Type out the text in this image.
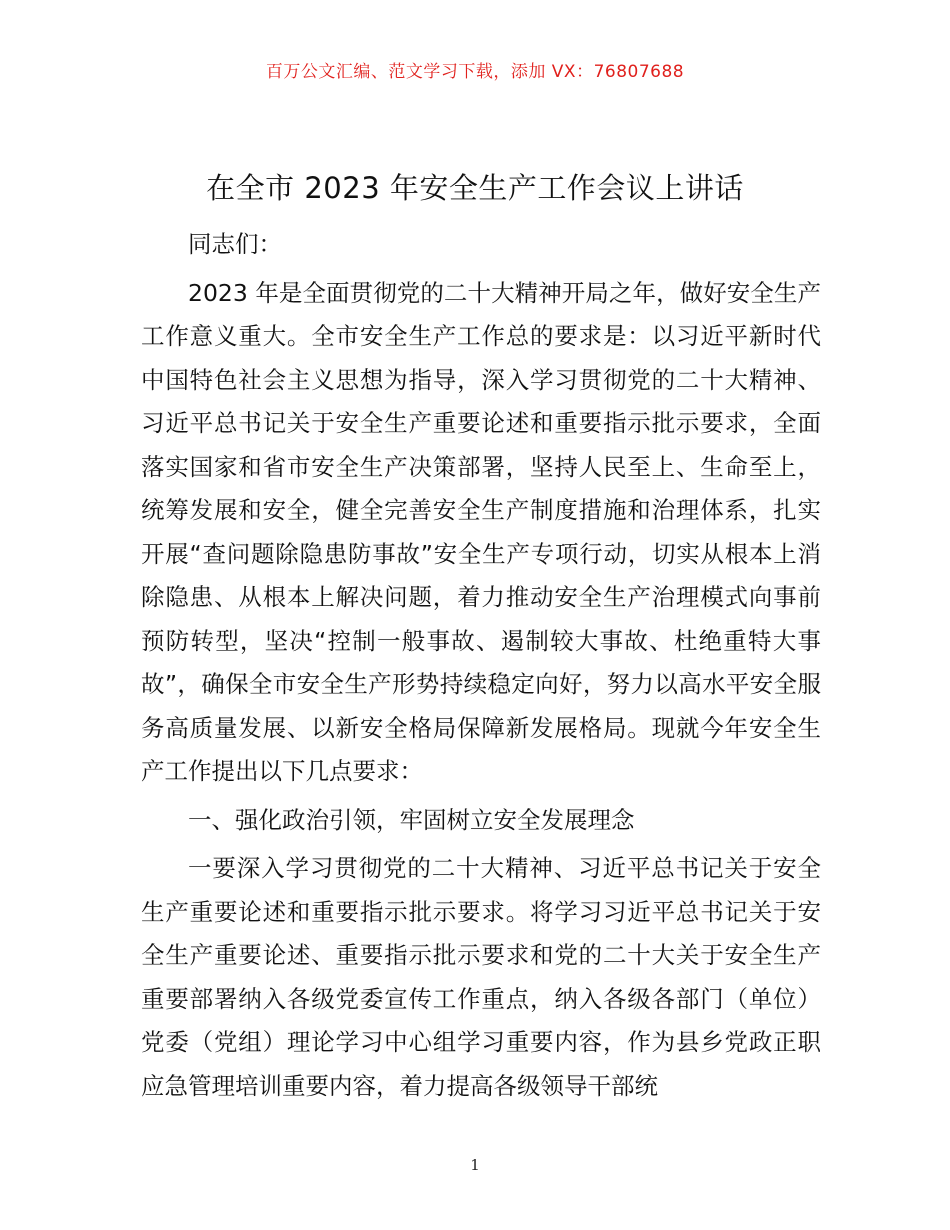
百万公文汇编、范文学习下载，添加 VX：76807688
在全市 2023 年安全生产工作会议上讲话

同志们：

2023 年是全面贯彻党的二十大精神开局之年，做好安全生产工作意义重大。全市安全生产工作总的要求是：以习近平新时代中国特色社会主义思想为指导，深入学习贯彻党的二十大精神、习近平总书记关于安全生产重要论述和重要指示批示要求，全面落实国家和省市安全生产决策部署，坚持人民至上、生命至上，统筹发展和安全，健全完善安全生产制度措施和治理体系，扎实开展“查问题除隐患防事故”安全生产专项行动，切实从根本上消除隐患、从根本上解决问题，着力推动安全生产治理模式向事前预防转型，坚决“控制一般事故、遏制较大事故、杜绝重特大事故”，确保全市安全生产形势持续稳定向好，努力以高水平安全服务高质量发展、以新安全格局保障新发展格局。现就今年安全生产工作提出以下几点要求：

一、强化政治引领，牢固树立安全发展理念

一要深入学习贯彻党的二十大精神、习近平总书记关于安全生产重要论述和重要指示批示要求。将学习习近平总书记关于安全生产重要论述、重要指示批示要求和党的二十大关于安全生产重要部署纳入各级党委宣传工作重点，纳入各级各部门（单位）党委（党组）理论学习中心组学习重要内容，作为县乡党政正职应急管理培训重要内容，着力提高各级领导干部统

1
